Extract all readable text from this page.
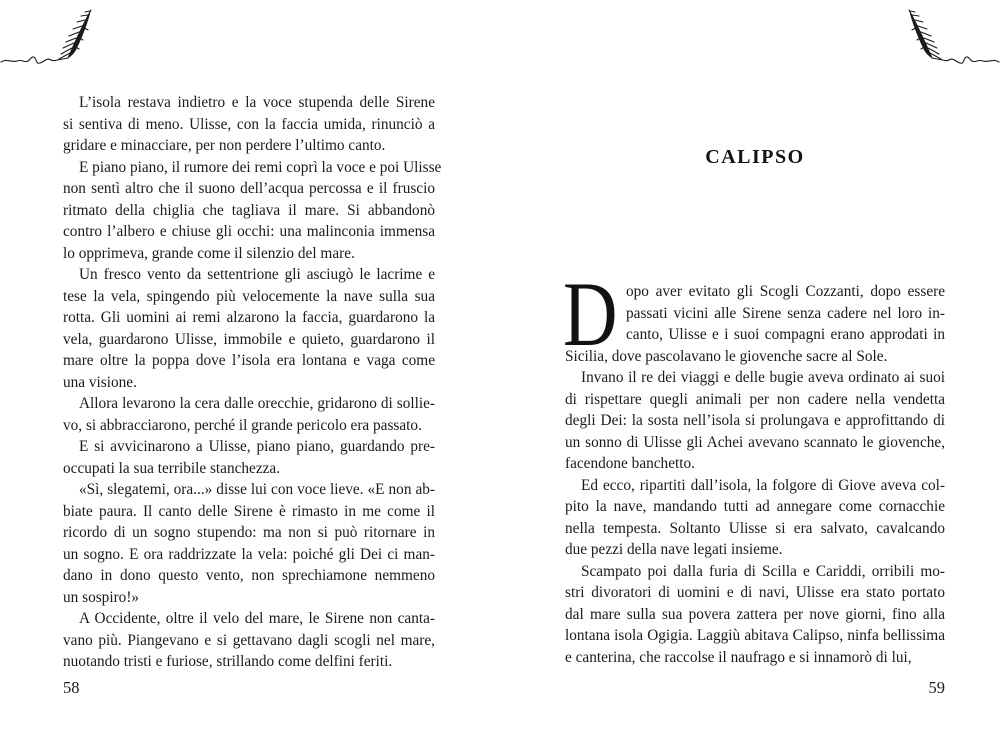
L’isola restava indietro e la voce stupenda delle Sirene
si sentiva di meno. Ulisse, con la faccia umida, rinunciò a
gridare e minacciare, per non perdere l’ultimo canto.
E piano piano, il rumore dei remi coprì la voce e poi Ulisse
non sentì altro che il suono dell’acqua percossa e il fruscio
ritmato della chiglia che tagliava il mare. Si abbandonò
contro l’albero e chiuse gli occhi: una malinconia immensa
lo opprimeva, grande come il silenzio del mare.
Un fresco vento da settentrione gli asciugò le lacrime e
tese la vela, spingendo più velocemente la nave sulla sua
rotta. Gli uomini ai remi alzarono la faccia, guardarono la
vela, guardarono Ulisse, immobile e quieto, guardarono il
mare oltre la poppa dove l’isola era lontana e vaga come
una visione.
Allora levarono la cera dalle orecchie, gridarono di sollie-
vo, si abbracciarono, perché il grande pericolo era passato.
E si avvicinarono a Ulisse, piano piano, guardando pre-
occupati la sua terribile stanchezza.
«Sì, slegatemi, ora...» disse lui con voce lieve. «E non ab-
biate paura. Il canto delle Sirene è rimasto in me come il
ricordo di un sogno stupendo: ma non si può ritornare in
un sogno. E ora raddrizzate la vela: poiché gli Dei ci man-
dano in dono questo vento, non sprechiamone nemmeno
un sospiro!»
A Occidente, oltre il velo del mare, le Sirene non canta-
vano più. Piangevano e si gettavano dagli scogli nel mare,
nuotando tristi e furiose, strillando come delfini feriti.
CALIPSO
D opo aver evitato gli Scogli Cozzanti, dopo essere
passati vicini alle Sirene senza cadere nel loro in-
canto, Ulisse e i suoi compagni erano approdati in
Sicilia, dove pascolavano le giovenche sacre al Sole.
Invano il re dei viaggi e delle bugie aveva ordinato ai suoi
di rispettare quegli animali per non cadere nella vendetta
degli Dei: la sosta nell’isola si prolungava e approfittando di
un sonno di Ulisse gli Achei avevano scannato le giovenche,
facendone banchetto.
Ed ecco, ripartiti dall’isola, la folgore di Giove aveva col-
pito la nave, mandando tutti ad annegare come cornacchie
nella tempesta. Soltanto Ulisse si era salvato, cavalcando
due pezzi della nave legati insieme.
Scampato poi dalla furia di Scilla e Cariddi, orribili mo-
stri divoratori di uomini e di navi, Ulisse era stato portato
dal mare sulla sua povera zattera per nove giorni, fino alla
lontana isola Ogigia. Laggiù abitava Calipso, ninfa bellissima
e canterina, che raccolse il naufrago e si innamorò di lui,
58	59
